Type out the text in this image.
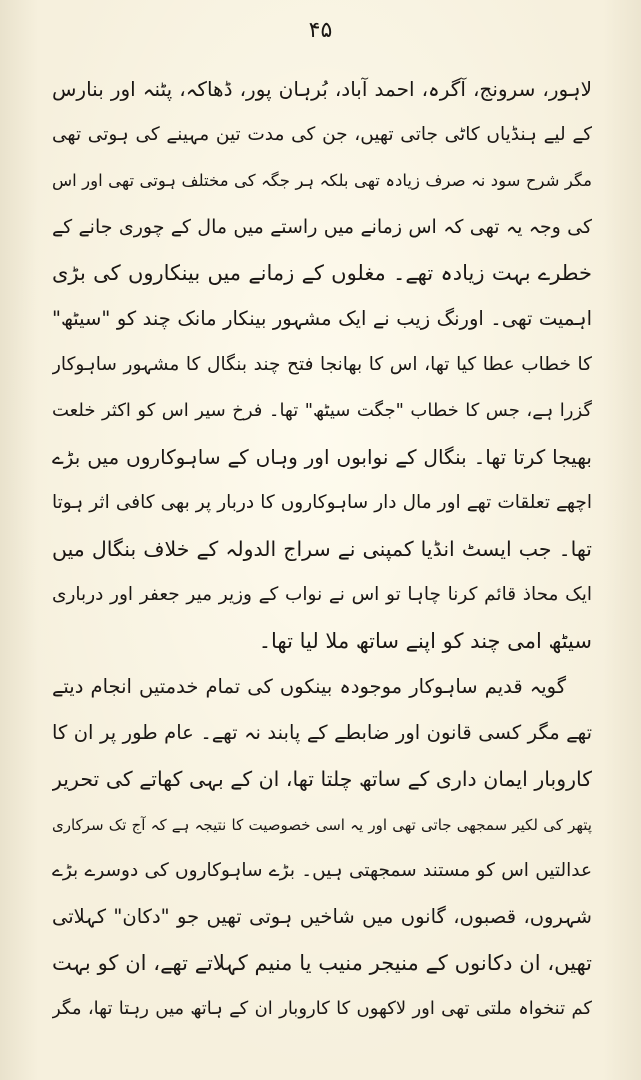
۴۵
لاہور، سرونج، آگرہ، احمد آباد، بُرہان پور، ڈھاکہ، پٹنہ اور بنارس
کے لیے ہنڈیاں کاٹی جاتی تھیں، جن کی مدت تین مہینے کی ہوتی تھی
مگر شرح سود نہ صرف زیادہ تھی بلکہ ہر جگہ کی مختلف ہوتی تھی اور اس
کی وجہ یہ تھی کہ اس زمانے میں راستے میں مال کے چوری جانے کے
خطرے بہت زیادہ تھے۔ مغلوں کے زمانے میں بینکاروں کی بڑی
اہمیت تھی۔ اورنگ زیب نے ایک مشہور بینکار مانک چند کو "سیٹھ"
کا خطاب عطا کیا تھا، اس کا بھانجا فتح چند بنگال کا مشہور ساہوکار
گزرا ہے، جس کا خطاب "جگت سیٹھ" تھا۔ فرخ سیر اس کو اکثر خلعت
بھیجا کرتا تھا۔ بنگال کے نوابوں اور وہاں کے ساہوکاروں میں بڑے
اچھے تعلقات تھے اور مال دار ساہوکاروں کا دربار پر بھی کافی اثر ہوتا
تھا۔ جب ایسٹ انڈیا کمپنی نے سراج الدولہ کے خلاف بنگال میں
ایک محاذ قائم کرنا چاہا تو اس نے نواب کے وزیر میر جعفر اور درباری
سیٹھ امی چند کو اپنے ساتھ ملا لیا تھا۔
گویہ قدیم ساہوکار موجودہ بینکوں کی تمام خدمتیں انجام دیتے
تھے مگر کسی قانون اور ضابطے کے پابند نہ تھے۔ عام طور پر ان کا
کاروبار ایمان داری کے ساتھ چلتا تھا، ان کے بہی کھاتے کی تحریر
پتھر کی لکیر سمجھی جاتی تھی اور یہ اسی خصوصیت کا نتیجہ ہے کہ آج تک سرکاری
عدالتیں اس کو مستند سمجھتی ہیں۔ بڑے ساہوکاروں کی دوسرے بڑے
شہروں، قصبوں، گانوں میں شاخیں ہوتی تھیں جو "دکان" کہلاتی
تھیں، ان دکانوں کے منیجر منیب یا منیم کہلاتے تھے، ان کو بہت
کم تنخواہ ملتی تھی اور لاکھوں کا کاروبار ان کے ہاتھ میں رہتا تھا، مگر
